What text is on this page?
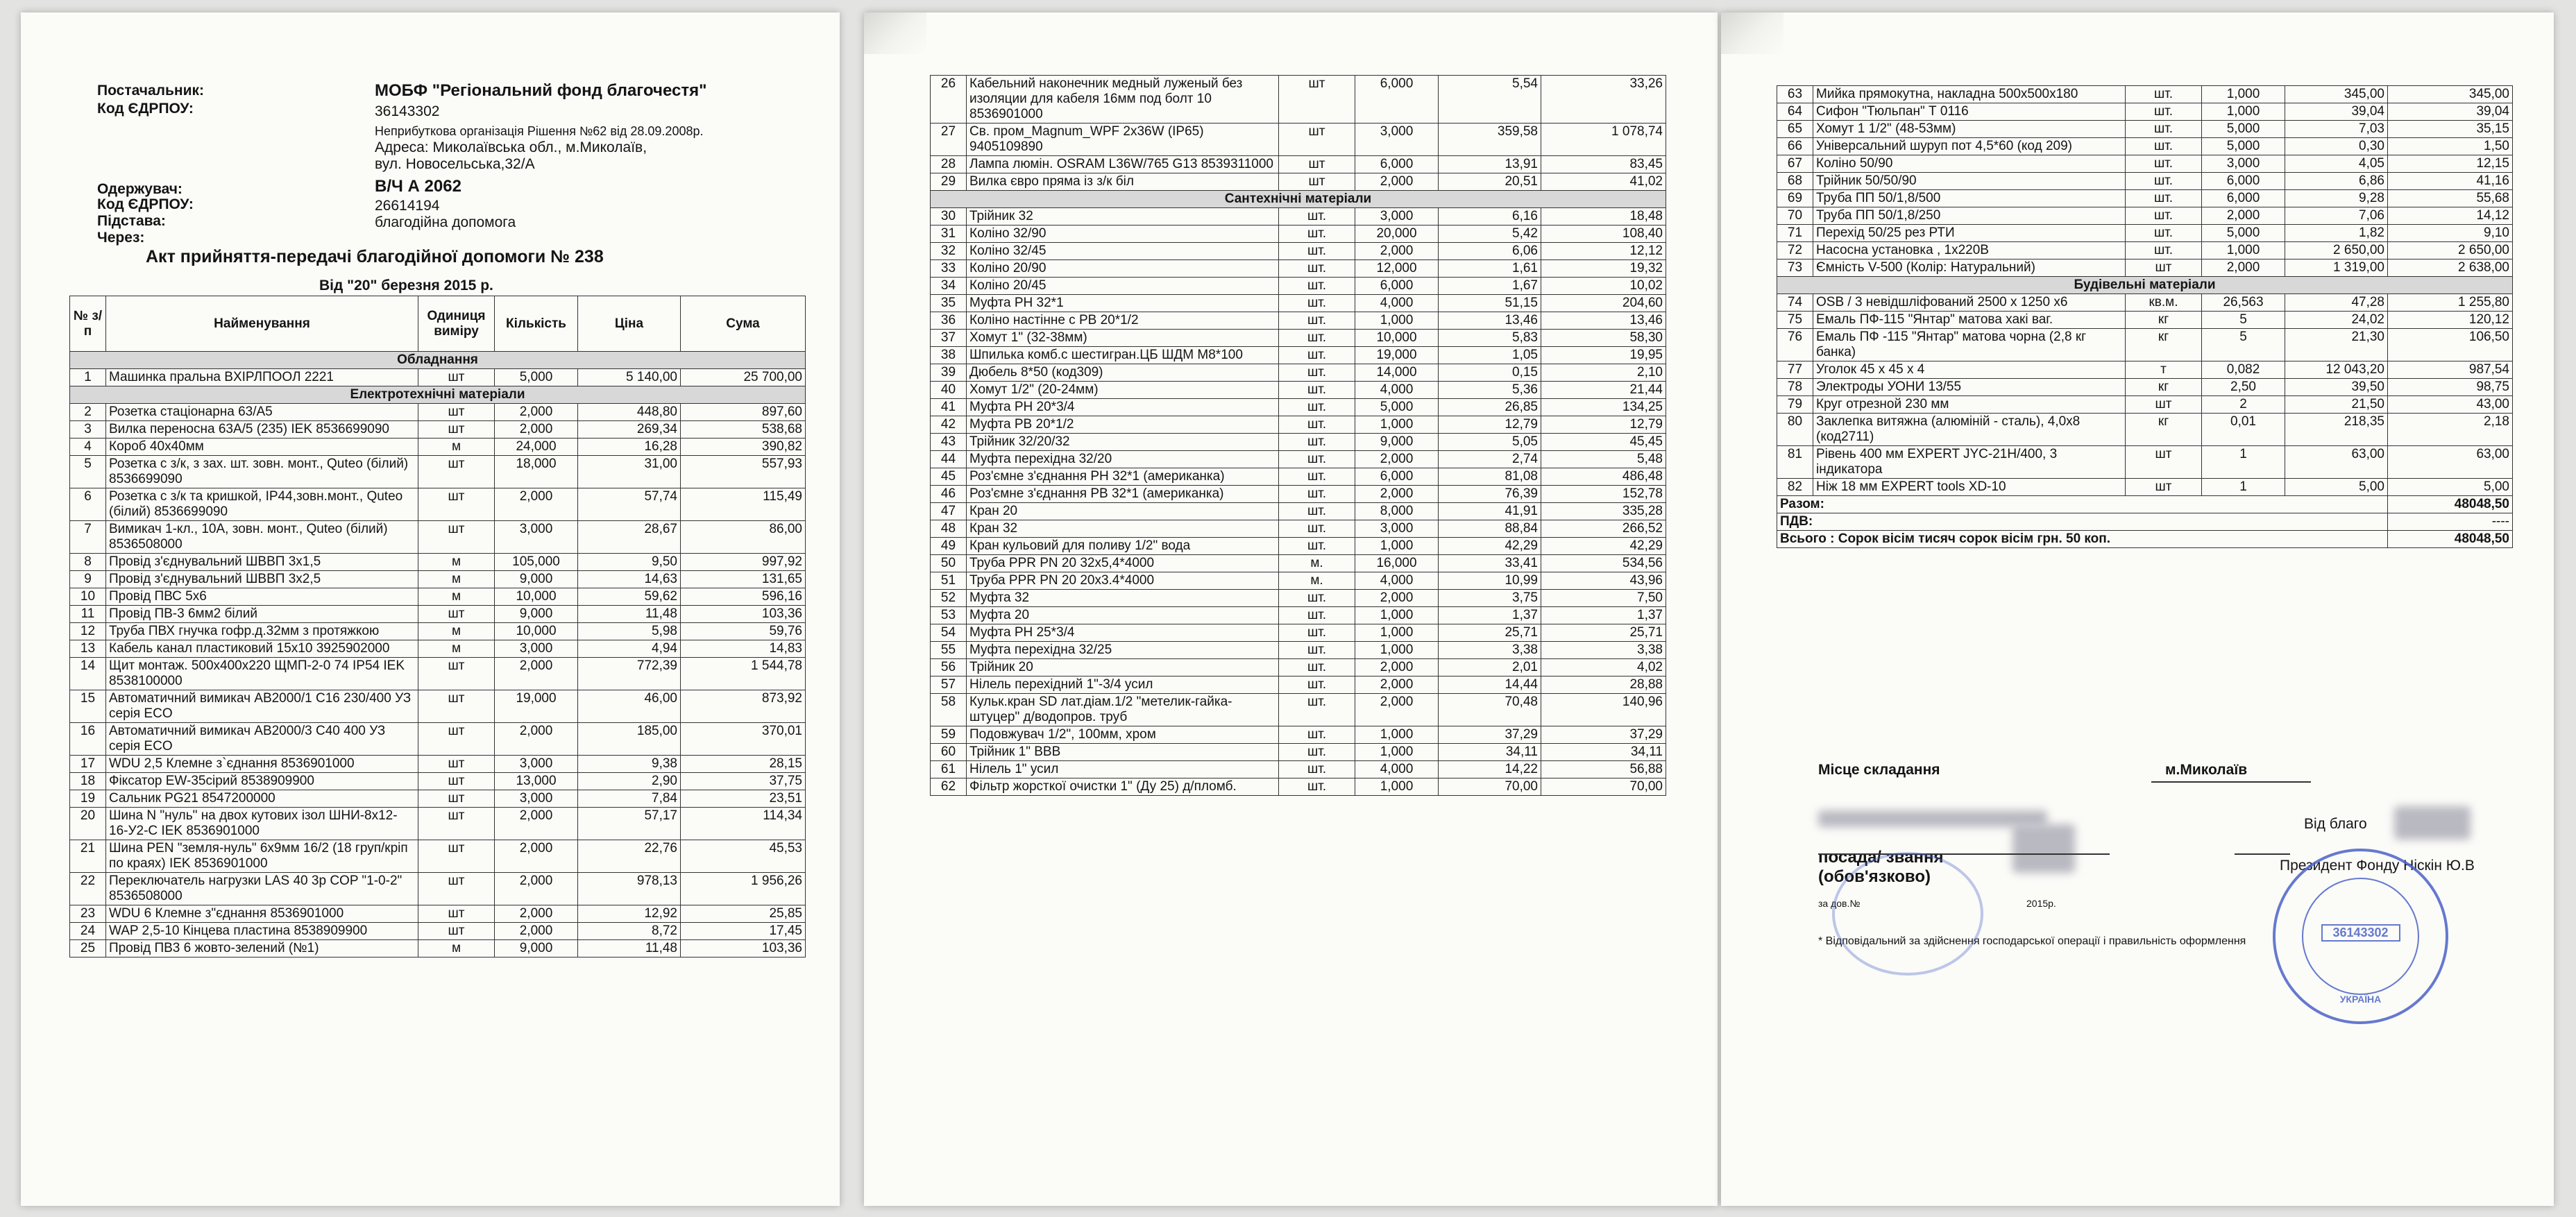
Постачальник:	МОБФ "Регіональний фонд благочестя"
Код ЄДРПОУ:	36143302
Неприбуткова організація Рішення №62 від 28.09.2008р.
Адреса: Миколаївська обл., м.Миколаїв,
вул. Новосельська,32/А
Одержувач:	В/Ч А 2062
Код ЄДРПОУ:	26614194
Підстава:	благодійна допомога
Через:
Акт прийняття-передачі благодійної допомоги № 238
Від "20" березня 2015 р.
№ з/п	Найменування	Одиниця виміру	Кількість	Ціна	Сума
Обладнання					
1	Машинка пральна BXIРЛПООЛ 2221	шт	5,000	5 140,00	25 700,00
Електротехнічні матеріали					
2	Розетка стаціонарна 63/А5	шт	2,000	448,80	897,60
3	Вилка переносна 63А/5 (235) IEK 8536699090	шт	2,000	269,34	538,68
4	Короб 40х40мм	м	24,000	16,28	390,82
5	Розетка с з/к, з зах. шт. зовн. монт., Quteo (білий) 8536699090	шт	18,000	31,00	557,93
6	Розетка с з/к та кришкой, IP44,зовн.монт., Quteo (білий) 8536699090	шт	2,000	57,74	115,49
7	Вимикач 1-кл., 10А, зовн. монт., Quteo (білий) 8536508000	шт	3,000	28,67	86,00
8	Провід з'єднувальний ШВВП 3х1,5	м	105,000	9,50	997,92
9	Провід з'єднувальний ШВВП 3х2,5	м	9,000	14,63	131,65
10	Провід ПВС 5х6	м	10,000	59,62	596,16
11	Провід ПВ-3 6мм2 білий	шт	9,000	11,48	103,36
12	Труба ПВХ гнучка гофр.д.32мм з протяжкою	м	10,000	5,98	59,76
13	Кабель канал пластиковий 15х10 3925902000	м	3,000	4,94	14,83
14	Щит монтаж. 500х400х220 ЩМП-2-0 74 IP54 IEK 8538100000	шт	2,000	772,39	1 544,78
15	Автоматичний вимикач АВ2000/1 С16 230/400 УЗ серія ECO	шт	19,000	46,00	873,92
16	Автоматичний вимикач АВ2000/3 С40 400 УЗ серія ECO	шт	2,000	185,00	370,01
17	WDU 2,5 Клемне з`єднання 8536901000	шт	3,000	9,38	28,15
18	Фіксатор EW-35сірий 8538909900	шт	13,000	2,90	37,75
19	Сальник PG21 8547200000	шт	3,000	7,84	23,51
20	Шина N "нуль" на двох кутових ізол ШНИ-8х12-16-У2-С IEK 8536901000	шт	2,000	57,17	114,34
21	Шина PEN "земля-нуль" 6х9мм 16/2 (18 груп/кріп по краях) IEK 8536901000	шт	2,000	22,76	45,53
22	Переключатель нагрузки LAS 40 3р COP "1-0-2" 8536508000	шт	2,000	978,13	1 956,26
23	WDU 6 Клемне з"єднання 8536901000	шт	2,000	12,92	25,85
24	WAP 2,5-10 Кінцева пластина 8538909900	шт	2,000	8,72	17,45
25	Провід ПВ3 6 жовто-зелений (№1)	м	9,000	11,48	103,36
26	Кабельний наконечник медный луженый без изоляции для кабеля 16мм под болт 10 8536901000	шт	6,000	5,54	33,26
27	Св. пром_Magnum_WPF 2х36W (IP65) 9405109890	шт	3,000	359,58	1 078,74
28	Лампа люмін. OSRAM L36W/765 G13 8539311000	шт	6,000	13,91	83,45
29	Вилка євро пряма із з/к біл	шт	2,000	20,51	41,02
Сантехнічні матеріали					
30	Трійник 32	шт.	3,000	6,16	18,48
31	Коліно 32/90	шт.	20,000	5,42	108,40
32	Коліно 32/45	шт.	2,000	6,06	12,12
33	Коліно 20/90	шт.	12,000	1,61	19,32
34	Коліно 20/45	шт.	6,000	1,67	10,02
35	Муфта РН 32*1	шт.	4,000	51,15	204,60
36	Коліно настінне с РВ 20*1/2	шт.	1,000	13,46	13,46
37	Хомут 1" (32-38мм)	шт.	10,000	5,83	58,30
38	Шпилька комб.с шестигран.ЦБ ШДМ М8*100	шт.	19,000	1,05	19,95
39	Дюбель 8*50 (код309)	шт.	14,000	0,15	2,10
40	Хомут 1/2" (20-24мм)	шт.	4,000	5,36	21,44
41	Муфта РН 20*3/4	шт.	5,000	26,85	134,25
42	Муфта РВ 20*1/2	шт.	1,000	12,79	12,79
43	Трійник 32/20/32	шт.	9,000	5,05	45,45
44	Муфта перехідна 32/20	шт.	2,000	2,74	5,48
45	Роз'ємне з'єднання РН 32*1 (американка)	шт.	6,000	81,08	486,48
46	Роз'ємне з'єднання РВ 32*1 (американка)	шт.	2,000	76,39	152,78
47	Кран 20	шт.	8,000	41,91	335,28
48	Кран 32	шт.	3,000	88,84	266,52
49	Кран кульовий для поливу 1/2" вода	шт.	1,000	42,29	42,29
50	Труба PPR PN 20 32х5,4*4000	м.	16,000	33,41	534,56
51	Труба PPR PN 20 20х3.4*4000	м.	4,000	10,99	43,96
52	Муфта 32	шт.	2,000	3,75	7,50
53	Муфта 20	шт.	1,000	1,37	1,37
54	Муфта РН 25*3/4	шт.	1,000	25,71	25,71
55	Муфта перехідна 32/25	шт.	1,000	3,38	3,38
56	Трійник 20	шт.	2,000	2,01	4,02
57	Нілель перехідний 1"-3/4 усил	шт.	2,000	14,44	28,88
58	Кульк.кран SD лат.діам.1/2 "метелик-гайка-штуцер" д/водопров. труб	шт.	2,000	70,48	140,96
59	Подовжувач 1/2", 100мм, хром	шт.	1,000	37,29	37,29
60	Трійник 1" ВВВ	шт.	1,000	34,11	34,11
61	Нілель 1" усил	шт.	4,000	14,22	56,88
62	Фільтр жорсткої очистки 1" (Ду 25) д/пломб.	шт.	1,000	70,00	70,00
63	Мийка прямокутна, накладна 500х500х180	шт.	1,000	345,00	345,00
64	Сифон "Тюльпан" Т 0116	шт.	1,000	39,04	39,04
65	Хомут 1 1/2" (48-53мм)	шт.	5,000	7,03	35,15
66	Універсальний шуруп пот 4,5*60 (код 209)	шт.	5,000	0,30	1,50
67	Коліно 50/90	шт.	3,000	4,05	12,15
68	Трійник 50/50/90	шт.	6,000	6,86	41,16
69	Труба ПП 50/1,8/500	шт.	6,000	9,28	55,68
70	Труба ПП 50/1,8/250	шт.	2,000	7,06	14,12
71	Перехід 50/25 рез РТИ	шт.	5,000	1,82	9,10
72	Насосна установка , 1х220В	шт.	1,000	2 650,00	2 650,00
73	Ємність V-500 (Колір: Натуральний)	шт	2,000	1 319,00	2 638,00
Будівельні матеріали					
74	OSB / 3 невідшліфований 2500 х 1250 х6	кв.м.	26,563	47,28	1 255,80
75	Емаль ПФ-115 "Янтар" матова хакі ваг.	кг	5	24,02	120,12
76	Емаль ПФ -115 "Янтар" матова чорна (2,8 кг банка)	кг	5	21,30	106,50
77	Уголок 45 х 45 х 4	т	0,082	12 043,20	987,54
78	Электроды УОНИ 13/55	кг	2,50	39,50	98,75
79	Круг отрезной 230 мм	шт	2	21,50	43,00
80	Заклепка витяжна (алюміній - сталь), 4,0х8 (код2711)	кг	0,01	218,35	2,18
81	Рівень 400 мм EXPERT JYC-21H/400, 3 індикатора	шт	1	63,00	63,00
82	Ніж 18 мм EXPERT tools XD-10	шт	1	5,00	5,00
Разом:					48048,50
ПДВ:					----
Всього : Сорок вісім тисяч сорок вісім грн. 50 коп.					48048,50
Місце складання	м.Миколаїв
Від благо
посада/ звання
(обов'язково)
за дов.№	2015р.
Президент Фонду Ніскін Ю.В
* Відповідальний за здійснення господарської операції і правильність оформлення
36143302
УКРАЇНА
